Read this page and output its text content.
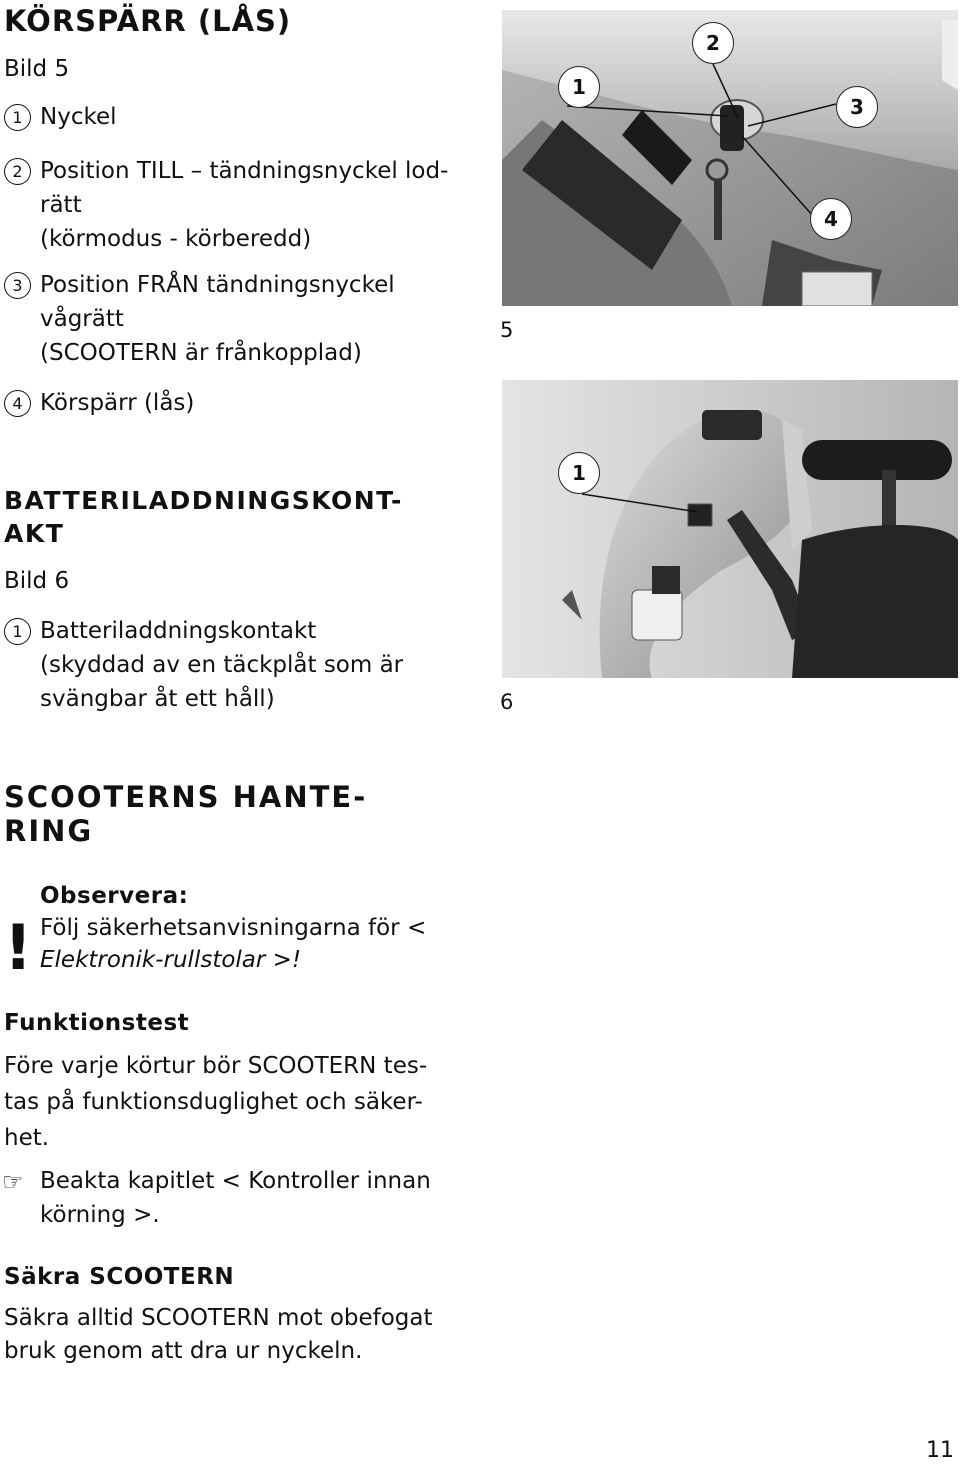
KÖRSPÄRR (LÅS)
Bild 5
1 Nyckel
2 Position TILL – tändningsnyckel lod-
rätt
(körmodus - körberedd)
3 Position FRÅN tändningsnyckel
vågrätt
(SCOOTERN är frånkopplad)
4 Körspärr (lås)
BATTERILADDNINGSKONT-
AKT
Bild 6
1 Batteriladdningskontakt
(skyddad av en täckplåt som är
svängbar åt ett håll)
SCOOTERNS HANTE-
RING
!
Observera:
Följ säkerhetsanvisningarna för <
Elektronik-rullstolar >!
Funktionstest
Före varje körtur bör SCOOTERN tes-
tas på funktionsduglighet och säker-
het.
☞ Beakta kapitlet < Kontroller innan
körning >.
Säkra SCOOTERN
Säkra alltid SCOOTERN mot obefogat
bruk genom att dra ur nyckeln.
1
2
3
4
5
1
6
11
